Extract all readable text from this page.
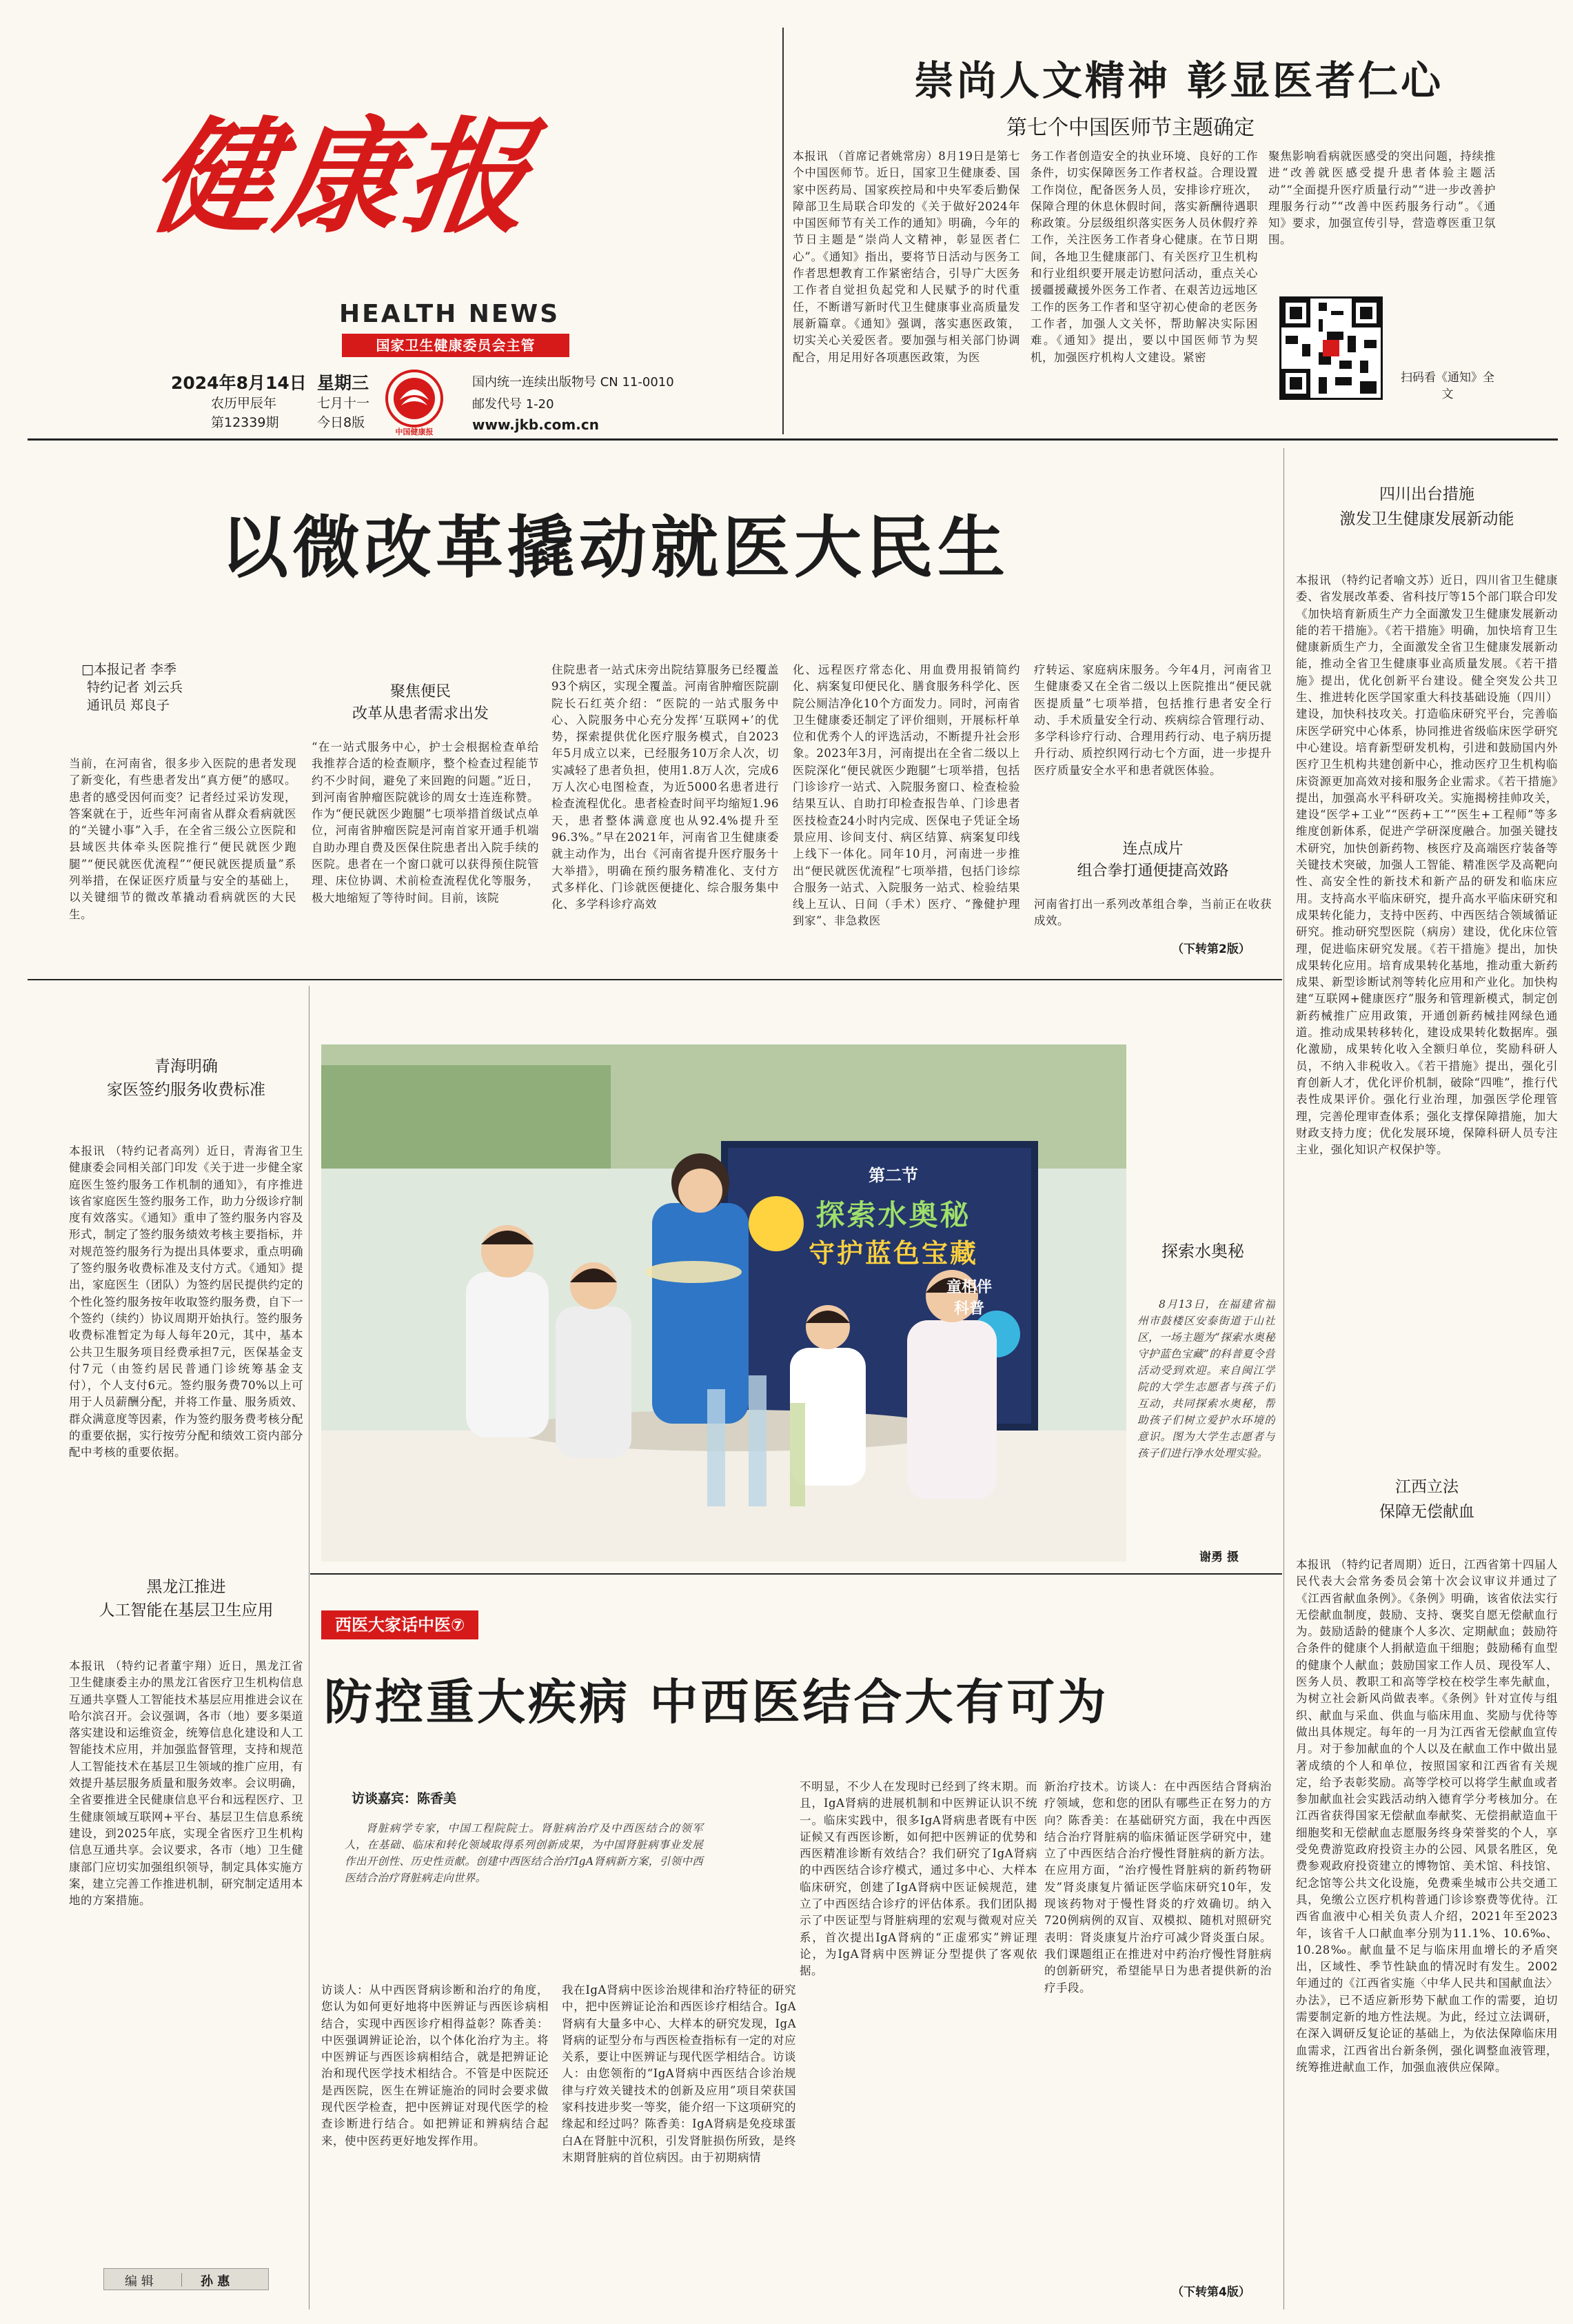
健康报
HEALTH NEWS
国家卫生健康委员会主管
2024年8月14日 星期三
农历甲辰年	七月十一
第12339期	今日8版
中国健康报
国内统一连续出版物号 CN 11-0010
邮发代号 1-20
www.jkb.com.cn
崇尚人文精神 彰显医者仁心
第七个中国医师节主题确定
本报讯 （首席记者姚常房）8月19日是第七个中国医师节。近日，国家卫生健康委、国家中医药局、国家疾控局和中央军委后勤保障部卫生局联合印发的《关于做好2024年中国医师节有关工作的通知》明确，今年的节日主题是“崇尚人文精神，彰显医者仁心”。《通知》指出，要将节日活动与医务工作者思想教育工作紧密结合，引导广大医务工作者自觉担负起党和人民赋予的时代重任，不断谱写新时代卫生健康事业高质量发展新篇章。《通知》强调，落实惠医政策，切实关心关爱医者。要加强与相关部门协调配合，用足用好各项惠医政策，为医
务工作者创造安全的执业环境、良好的工作条件，切实保障医务工作者权益。合理设置工作岗位，配备医务人员，安排诊疗班次，保障合理的休息休假时间，落实新酬待遇职称政策。分层级组织落实医务人员休假疗养工作，关注医务工作者身心健康。在节日期间，各地卫生健康部门、有关医疗卫生机构和行业组织要开展走访慰问活动，重点关心援疆援藏援外医务工作者、在艰苦边远地区工作的医务工作者和坚守初心使命的老医务工作者，加强人文关怀，帮助解决实际困难。《通知》提出，要以中国医师节为契机，加强医疗机构人文建设。紧密
聚焦影响看病就医感受的突出问题，持续推进“改善就医感受提升患者体验主题活动”“全面提升医疗质量行动”“进一步改善护理服务行动”“改善中医药服务行动”。《通知》要求，加强宣传引导，营造尊医重卫氛围。
扫码看《通知》全文
以微改革撬动就医大民生
□本报记者 李季
特约记者 刘云兵
通讯员 郑良子
聚焦便民
改革从患者需求出发
当前，在河南省，很多步入医院的患者发现了新变化，有些患者发出“真方便”的感叹。患者的感受因何而变？记者经过采访发现，答案就在于，近些年河南省从群众看病就医的“关键小事”入手，在全省三级公立医院和县域医共体牵头医院推行“便民就医少跑腿”“便民就医优流程”“便民就医提质量”系列举措，在保证医疗质量与安全的基础上，以关键细节的微改革撬动看病就医的大民生。
“在一站式服务中心，护士会根据检查单给我推荐合适的检查顺序，整个检查过程能节约不少时间，避免了来回跑的问题。”近日，到河南省肿瘤医院就诊的周女士连连称赞。作为“便民就医少跑腿”七项举措首级试点单位，河南省肿瘤医院是河南首家开通手机端自助办理自费及医保住院患者出入院手续的医院。患者在一个窗口就可以获得预住院管理、床位协调、术前检查流程优化等服务，极大地缩短了等待时间。目前，该院
住院患者一站式床旁出院结算服务已经覆盖93个病区，实现全覆盖。河南省肿瘤医院副院长石红英介绍：“医院的一站式服务中心、入院服务中心充分发挥‘互联网+’的优势，探索提供优化医疗服务模式，自2023年5月成立以来，已经服务10万余人次，切实减轻了患者负担，使用1.8万人次，完成6万人次心电图检查，为近5000名患者进行检查流程优化。患者检查时间平均缩短1.96天，患者整体满意度也从92.4%提升至96.3%。”早在2021年，河南省卫生健康委就主动作为，出台《河南省提升医疗服务十大举措》，明确在预约服务精准化、支付方式多样化、门诊就医便捷化、综合服务集中化、多学科诊疗高效
化、远程医疗常态化、用血费用报销简约化、病案复印便民化、膳食服务科学化、医院公厕洁净化10个方面发力。同时，河南省卫生健康委还制定了评价细则，开展标杆单位和优秀个人的评选活动，不断提升社会形象。2023年3月，河南提出在全省二级以上医院深化“便民就医少跑腿”七项举措，包括门诊诊疗一站式、入院服务窗口、检查检验结果互认、自助打印检查报告单、门诊患者医技检查24小时内完成、医保电子凭证全场景应用、诊间支付、病区结算、病案复印线上线下一体化。同年10月，河南进一步推出“便民就医优流程”七项举措，包括门诊综合服务一站式、入院服务一站式、检验结果线上互认、日间（手术）医疗、“豫健护理到家”、非急救医
疗转运、家庭病床服务。今年4月，河南省卫生健康委又在全省二级以上医院推出“便民就医提质量”七项举措，包括推行患者安全行动、手术质量安全行动、疾病综合管理行动、多学科诊疗行动、合理用药行动、电子病历提升行动、质控织网行动七个方面，进一步提升医疗质量安全水平和患者就医体验。
连点成片
组合拳打通便捷高效路
河南省打出一系列改革组合拳，当前正在收获成效。
（下转第2版）
四川出台措施
激发卫生健康发展新动能
本报讯 （特约记者喻文苏）近日，四川省卫生健康委、省发展改革委、省科技厅等15个部门联合印发《加快培育新质生产力全面激发卫生健康发展新动能的若干措施》。《若干措施》明确，加快培育卫生健康新质生产力，全面激发全省卫生健康发展新动能，推动全省卫生健康事业高质量发展。《若干措施》提出，优化创新平台建设。健全突发公共卫生、推进转化医学国家重大科技基础设施（四川）建设，加快科技攻关。打造临床研究平台，完善临床医学研究中心体系，协同推进省级临床医学研究中心建设。培育新型研发机构，引进和鼓励国内外医疗卫生机构共建创新中心，推动医疗卫生机构临床资源更加高效对接和服务企业需求。《若干措施》提出，加强高水平科研攻关。实施揭榜挂帅攻关，建设“医学+工业”“医药+工”“医生+工程师”等多维度创新体系，促进产学研深度融合。加强关键技术研究，加快创新药物、核医疗及高端医疗装备等关键技术突破，加强人工智能、精准医学及高靶向性、高安全性的新技术和新产品的研发和临床应用。支持高水平临床研究，提升高水平临床研究和成果转化能力，支持中医药、中西医结合领域循证研究。推动研究型医院（病房）建设，优化床位管理，促进临床研究发展。《若干措施》提出，加快成果转化应用。培育成果转化基地，推动重大新药成果、新型诊断试剂等转化应用和产业化。加快构建“互联网+健康医疗”服务和管理新模式，制定创新药械推广应用政策，开通创新药械挂网绿色通道。推动成果转移转化，建设成果转化数据库。强化激励，成果转化收入全额归单位，奖励科研人员，不纳入非税收入。《若干措施》提出，强化引育创新人才，优化评价机制，破除“四唯”，推行代表性成果评价。强化行业治理，加强医学伦理管理，完善伦理审查体系；强化支撑保障措施，加大财政支持力度；优化发展环境，保障科研人员专注主业，强化知识产权保护等。
江西立法
保障无偿献血
本报讯 （特约记者周期）近日，江西省第十四届人民代表大会常务委员会第十次会议审议并通过了《江西省献血条例》。《条例》明确，该省依法实行无偿献血制度，鼓励、支持、褒奖自愿无偿献血行为。鼓励适龄的健康个人多次、定期献血；鼓励符合条件的健康个人捐献造血干细胞；鼓励稀有血型的健康个人献血；鼓励国家工作人员、现役军人、医务人员、教职工和高等学校在校学生率先献血，为树立社会新风尚做表率。《条例》针对宣传与组织、献血与采血、供血与临床用血、奖励与优待等做出具体规定。每年的一月为江西省无偿献血宣传月。对于参加献血的个人以及在献血工作中做出显著成绩的个人和单位，按照国家和江西省有关规定，给予表彰奖励。高等学校可以将学生献血或者参加献血社会实践活动纳入德育学分考核加分。在江西省获得国家无偿献血奉献奖、无偿捐献造血干细胞奖和无偿献血志愿服务终身荣誉奖的个人，享受免费游览政府投资主办的公园、风景名胜区，免费参观政府投资建立的博物馆、美术馆、科技馆、纪念馆等公共文化设施，免费乘坐城市公共交通工具，免缴公立医疗机构普通门诊诊察费等优待。江西省血液中心相关负责人介绍，2021年至2023年，该省千人口献血率分别为11.1%、10.6‰、10.28‰。献血量不足与临床用血增长的矛盾突出，区域性、季节性缺血的情况时有发生。2002年通过的《江西省实施〈中华人民共和国献血法〉办法》，已不适应新形势下献血工作的需要，迫切需要制定新的地方性法规。为此，经过立法调研，在深入调研反复论证的基础上，为依法保障临床用血需求，江西省出台新条例，强化调整血液管理，统筹推进献血工作，加强血液供应保障。
青海明确
家医签约服务收费标准
本报讯 （特约记者高列）近日，青海省卫生健康委会同相关部门印发《关于进一步健全家庭医生签约服务工作机制的通知》，有序推进该省家庭医生签约服务工作，助力分级诊疗制度有效落实。《通知》重申了签约服务内容及形式，制定了签约服务绩效考核主要指标，并对规范签约服务行为提出具体要求，重点明确了签约服务收费标准及支付方式。《通知》提出，家庭医生（团队）为签约居民提供约定的个性化签约服务按年收取签约服务费，自下一个签约（续约）协议周期开始执行。签约服务收费标准暂定为每人每年20元，其中，基本公共卫生服务项目经费承担7元，医保基金支付7元（由签约居民普通门诊统筹基金支付），个人支付6元。签约服务费70%以上可用于人员薪酬分配，并将工作量、服务质效、群众满意度等因素，作为签约服务费考核分配的重要依据，实行按劳分配和绩效工资内部分配中考核的重要依据。
第二节
探索水奥秘
守护蓝色宝藏
童相伴
科普
探索水奥秘
8月13日，在福建省福州市鼓楼区安泰街道于山社区，一场主题为“探索水奥秘 守护蓝色宝藏”的科普夏令营活动受到欢迎。来自闽江学院的大学生志愿者与孩子们互动，共同探索水奥秘，帮助孩子们树立爱护水环境的意识。图为大学生志愿者与孩子们进行净水处理实验。
谢勇 摄
黑龙江推进
人工智能在基层卫生应用
本报讯 （特约记者董宇翔）近日，黑龙江省卫生健康委主办的黑龙江省医疗卫生机构信息互通共享暨人工智能技术基层应用推进会议在哈尔滨召开。会议强调，各市（地）要多渠道落实建设和运维资金，统筹信息化建设和人工智能技术应用，并加强监督管理，支持和规范人工智能技术在基层卫生领域的推广应用，有效提升基层服务质量和服务效率。会议明确，全省要推进全民健康信息平台和远程医疗、卫生健康领域互联网+平台、基层卫生信息系统建设，到2025年底，实现全省医疗卫生机构信息互通共享。会议要求，各市（地）卫生健康部门应切实加强组织领导，制定具体实施方案，建立完善工作推进机制，研究制定适用本地的方案措施。
编 辑	孙 惠
西医大家话中医⑦
防控重大疾病 中西医结合大有可为
访谈嘉宾：陈香美
肾脏病学专家，中国工程院院士。肾脏病治疗及中西医结合的领军人，在基础、临床和转化领域取得系列创新成果，为中国肾脏病事业发展作出开创性、历史性贡献。创建中西医结合治疗IgA肾病新方案，引领中西医结合治疗肾脏病走向世界。
访谈人：从中西医肾病诊断和治疗的角度，您认为如何更好地将中医辨证与西医诊病相结合，实现中西医诊疗相得益彰？陈香美：中医强调辨证论治，以个体化治疗为主。将中医辨证与西医诊病相结合，就是把辨证论治和现代医学技术相结合。不管是中医院还是西医院，医生在辨证施治的同时会要求做现代医学检查，把中医辨证对现代医学的检查诊断进行结合。如把辨证和辨病结合起来，使中医药更好地发挥作用。
我在IgA肾病中医诊治规律和治疗特征的研究中，把中医辨证论治和西医诊疗相结合。IgA肾病有大量多中心、大样本的研究发现，IgA肾病的证型分布与西医检查指标有一定的对应关系，要让中医辨证与现代医学相结合。访谈人：由您领衔的“IgA肾病中西医结合诊治规律与疗效关键技术的创新及应用”项目荣获国家科技进步奖一等奖，能介绍一下这项研究的缘起和经过吗？陈香美：IgA肾病是免疫球蛋白A在肾脏中沉积，引发肾脏损伤所致，是终末期肾脏病的首位病因。由于初期病情
不明显，不少人在发现时已经到了终末期。而且，IgA肾病的进展机制和中医辨证认识不统一。临床实践中，很多IgA肾病患者既有中医证候又有西医诊断，如何把中医辨证的优势和西医精准诊断有效结合？我们研究了IgA肾病的中西医结合诊疗模式，通过多中心、大样本临床研究，创建了IgA肾病中医证候规范，建立了中西医结合诊疗的评估体系。我们团队揭示了中医证型与肾脏病理的宏观与微观对应关系，首次提出IgA肾病的“正虚邪实”辨证理论，为IgA肾病中医辨证分型提供了客观依据。
新治疗技术。访谈人：在中西医结合肾病治疗领域，您和您的团队有哪些正在努力的方向？陈香美：在基础研究方面，我在中西医结合治疗肾脏病的临床循证医学研究中，建立了中西医结合治疗慢性肾脏病的新方法。在应用方面，“治疗慢性肾脏病的新药物研发”肾炎康复片循证医学临床研究10年，发现该药物对于慢性肾炎的疗效确切。纳入720例病例的双盲、双模拟、随机对照研究表明：肾炎康复片治疗可减少肾炎蛋白尿。我们课题组正在推进对中药治疗慢性肾脏病的创新研究，希望能早日为患者提供新的治疗手段。
（下转第4版）
